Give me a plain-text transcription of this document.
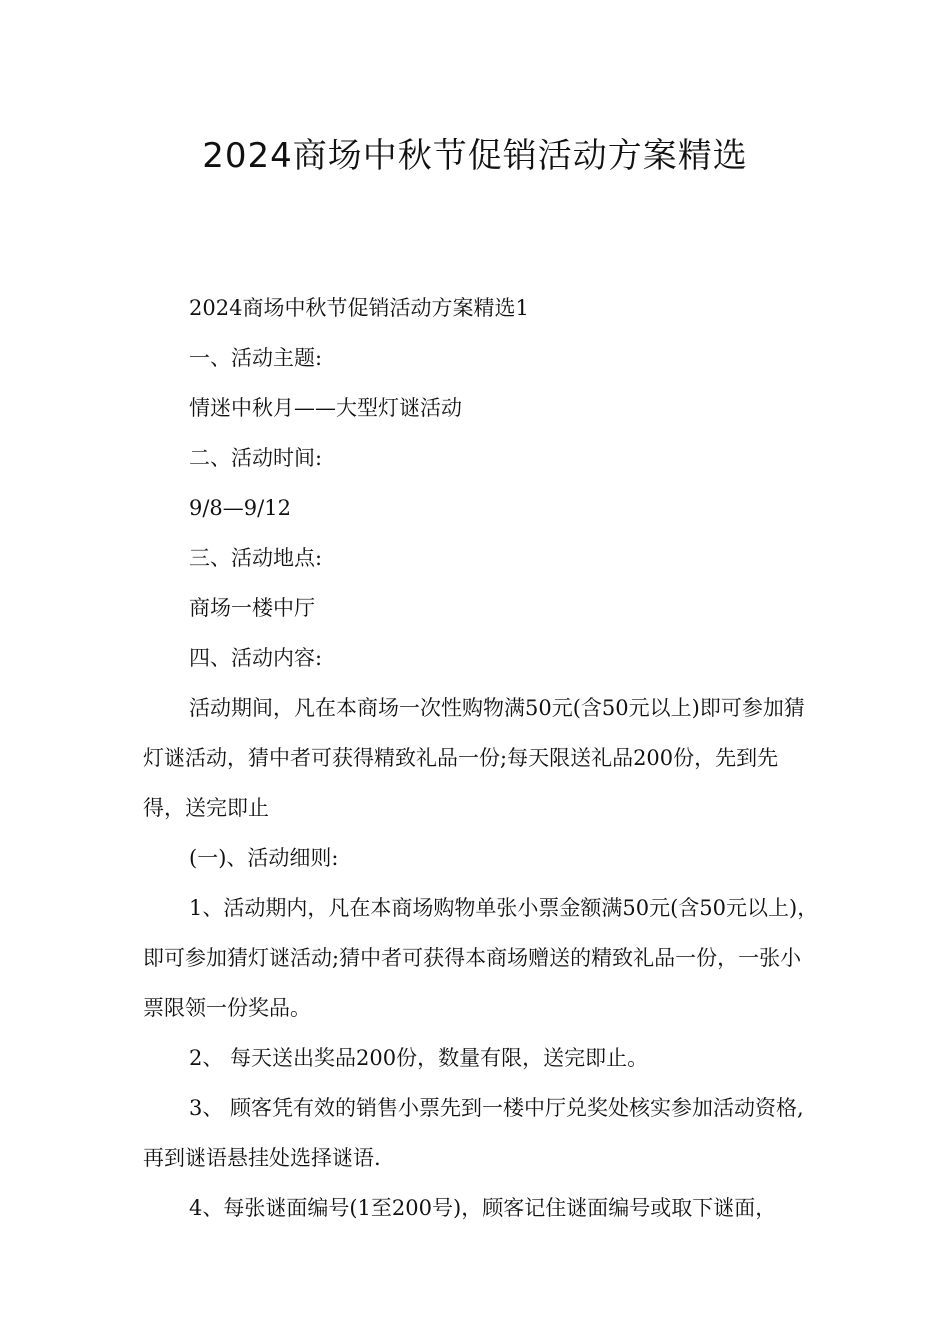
2024商场中秋节促销活动方案精选

2024商场中秋节促销活动方案精选1

一、活动主题:

情迷中秋月——大型灯谜活动

二、活动时间:

9/8—9/12

三、活动地点:

商场一楼中厅

四、活动内容:

活动期间，凡在本商场一次性购物满50元(含50元以上)即可参加猜灯谜活动，猜中者可获得精致礼品一份;每天限送礼品200份，先到先得，送完即止

(一)、活动细则:

1、活动期内，凡在本商场购物单张小票金额满50元(含50元以上)，即可参加猜灯谜活动;猜中者可获得本商场赠送的精致礼品一份，一张小票限领一份奖品。

2、 每天送出奖品200份，数量有限，送完即止。

3、 顾客凭有效的销售小票先到一楼中厅兑奖处核实参加活动资格,再到谜语悬挂处选择谜语.

4、每张谜面编号(1至200号)，顾客记住谜面编号或取下谜面，
